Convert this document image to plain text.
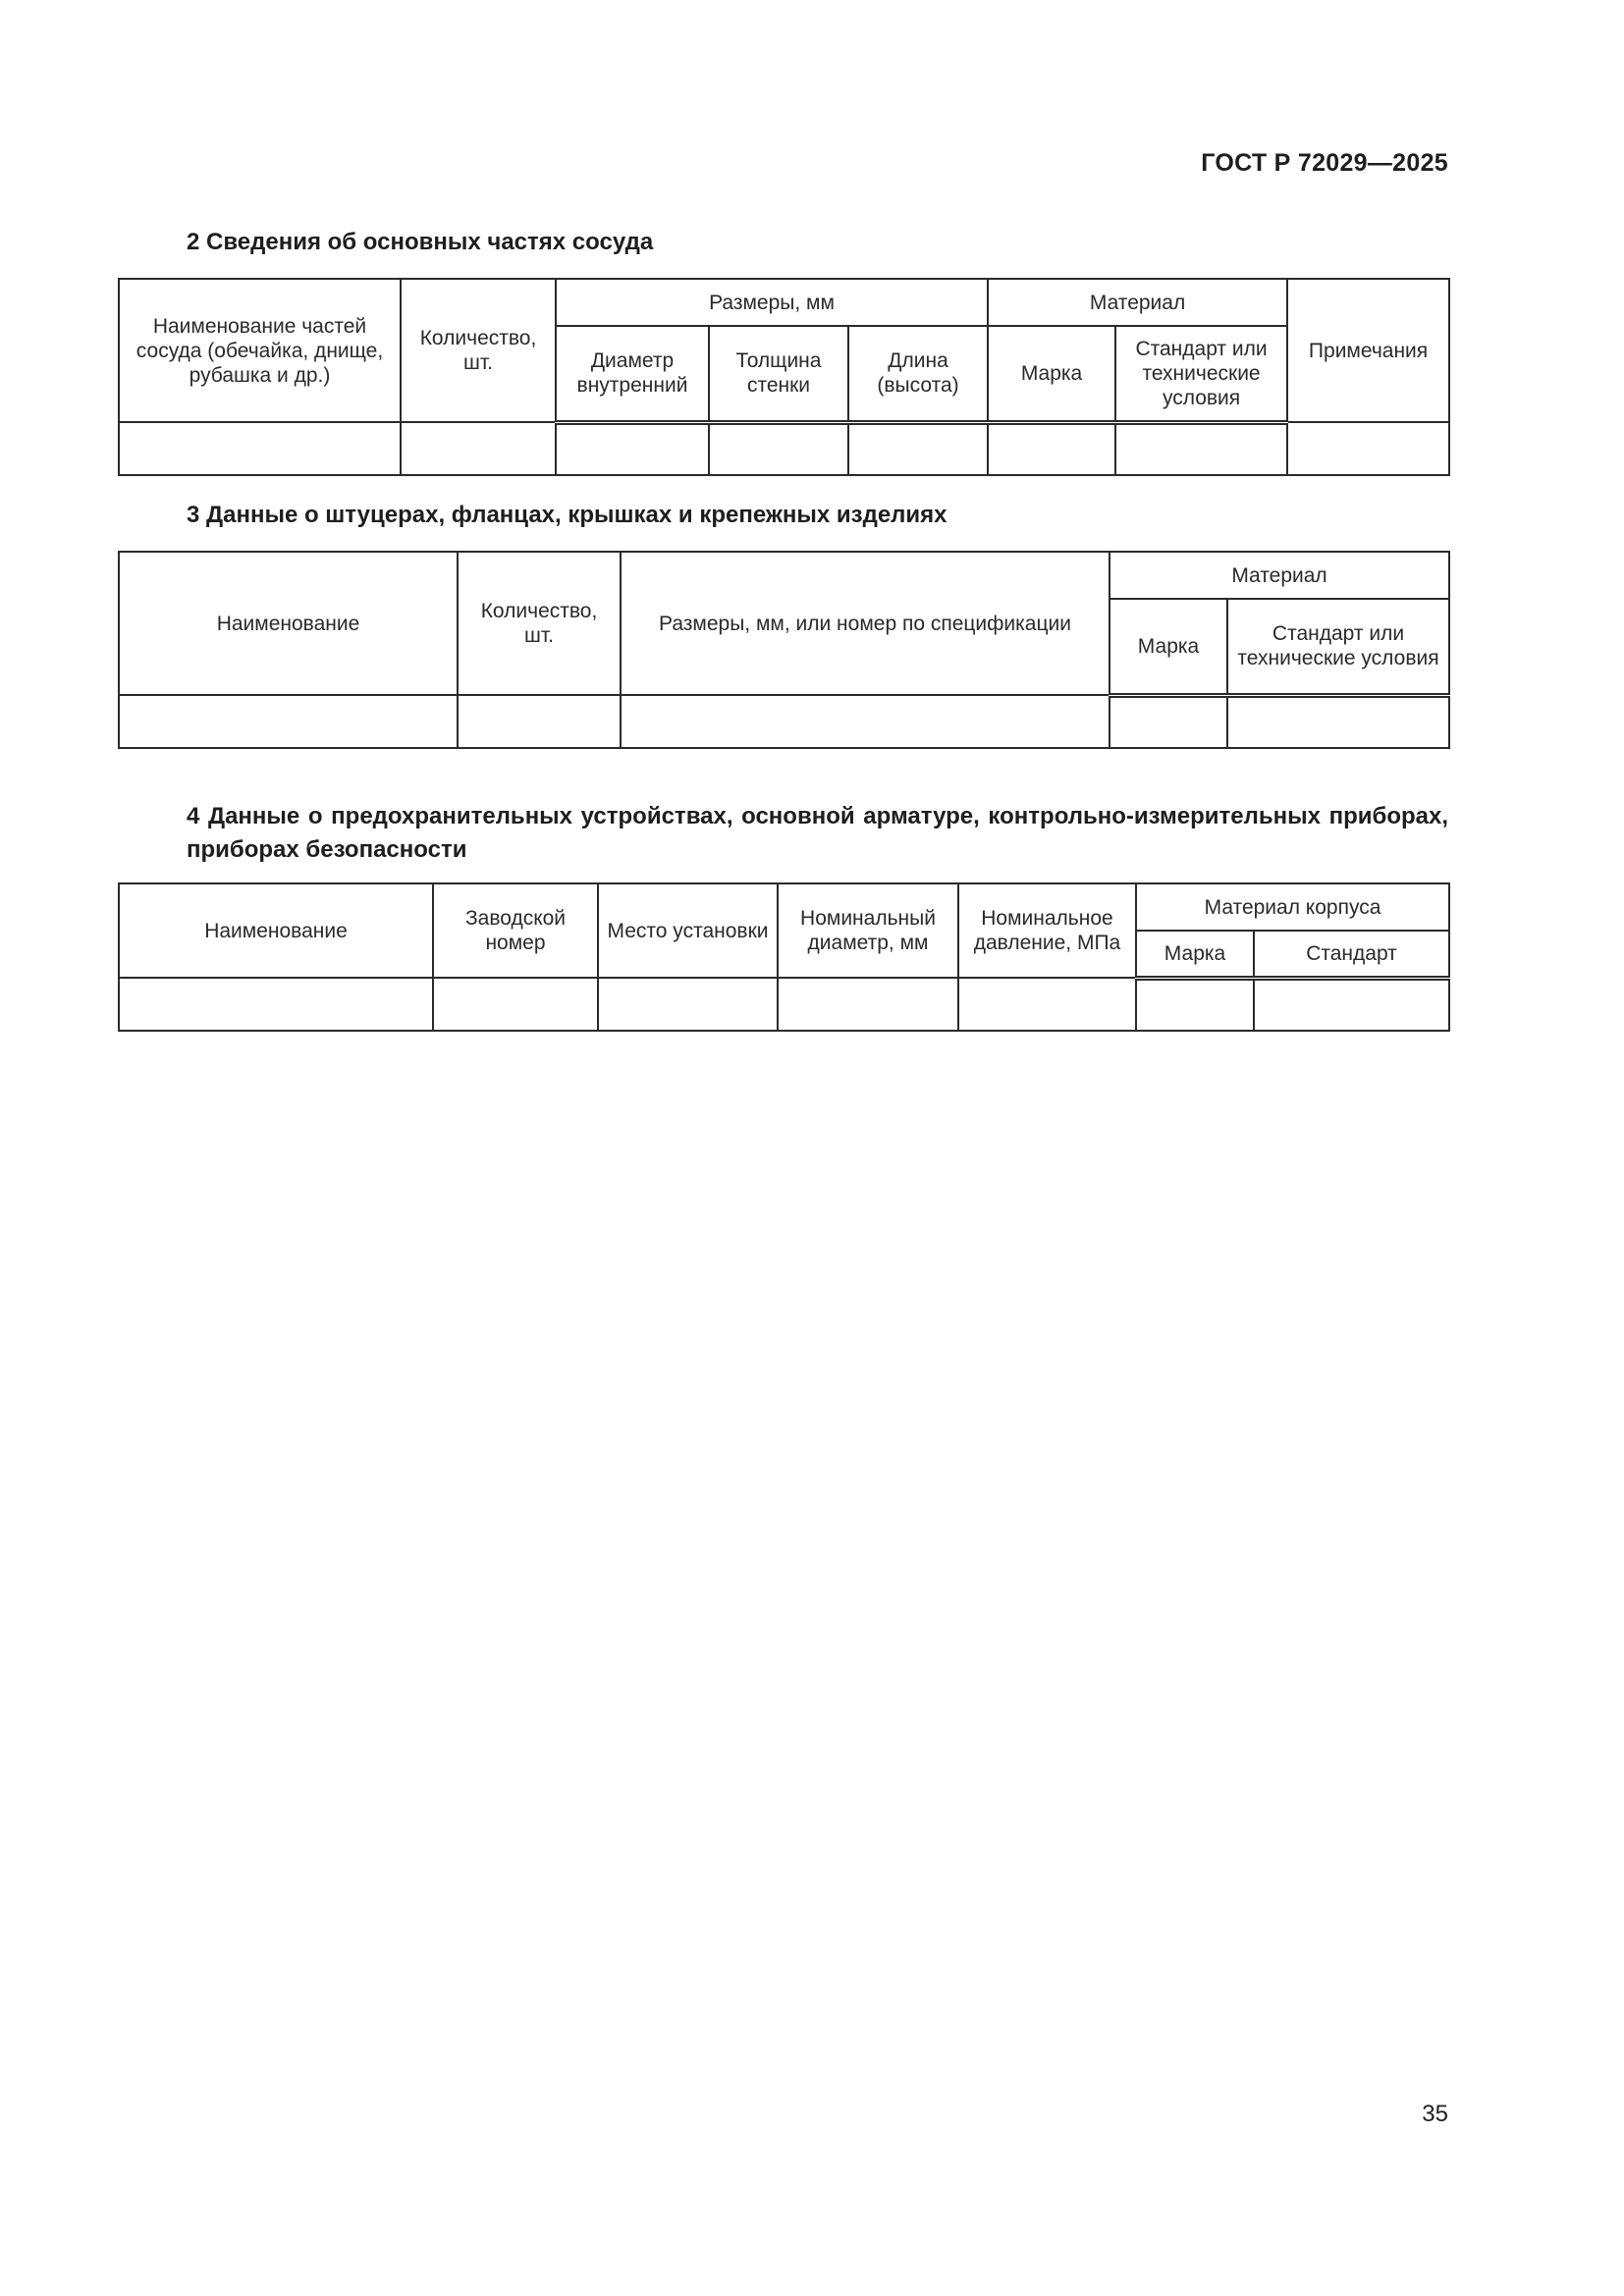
ГОСТ Р 72029—2025
2 Сведения об основных частях сосуда
Наименование частей сосуда (обечайка, днище, рубашка и др.)	Количество, шт.	Размеры, мм			Материал		Примечания
		Диаметр внутренний	Толщина стенки	Длина (высота)	Марка	Стандарт или технические условия	

3 Данные о штуцерах, фланцах, крышках и крепежных изделиях
Наименование	Количество, шт.	Размеры, мм, или номер по спецификации	Материал	
			Марка	Стандарт или технические условия

4 Данные о предохранительных устройствах, основной арматуре, контрольно-измерительных приборах, приборах безопасности
Наименование	Заводской номер	Место установки	Номинальный диаметр, мм	Номинальное давление, МПа	Материал корпуса	
					Марка	Стандарт

35
